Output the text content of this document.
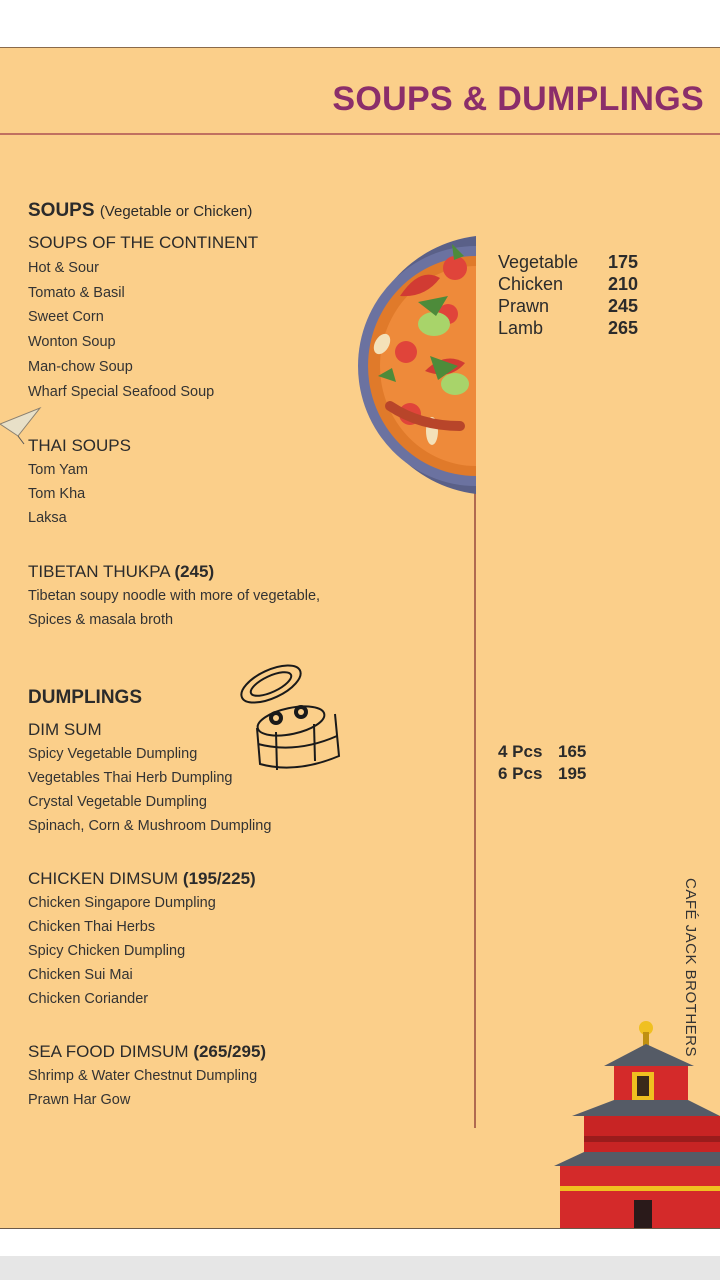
SOUPS & DUMPLINGS
SOUPS (Vegetable or Chicken)
SOUPS OF THE CONTINENT
Hot & Sour
Tomato & Basil
Sweet Corn
Wonton Soup
Man-chow Soup
Wharf Special Seafood Soup
THAI SOUPS
Tom Yam
Tom Kha
Laksa
TIBETAN THUKPA (245)
Tibetan soupy noodle with more of vegetable,
Spices & masala broth
Vegetable 175
Chicken 210
Prawn	245
Lamb	265
DUMPLINGS
DIM SUM
Spicy Vegetable Dumpling
Vegetables Thai Herb Dumpling
Crystal Vegetable Dumpling
Spinach, Corn & Mushroom Dumpling
4 Pcs 165
6 Pcs 195
CHICKEN DIMSUM (195/225)
Chicken Singapore Dumpling
Chicken Thai Herbs
Spicy Chicken Dumpling
Chicken Sui Mai
Chicken Coriander
SEA FOOD DIMSUM (265/295)
Shrimp & Water Chestnut Dumpling
Prawn Har Gow
CAFÉ JACK BROTHERS
